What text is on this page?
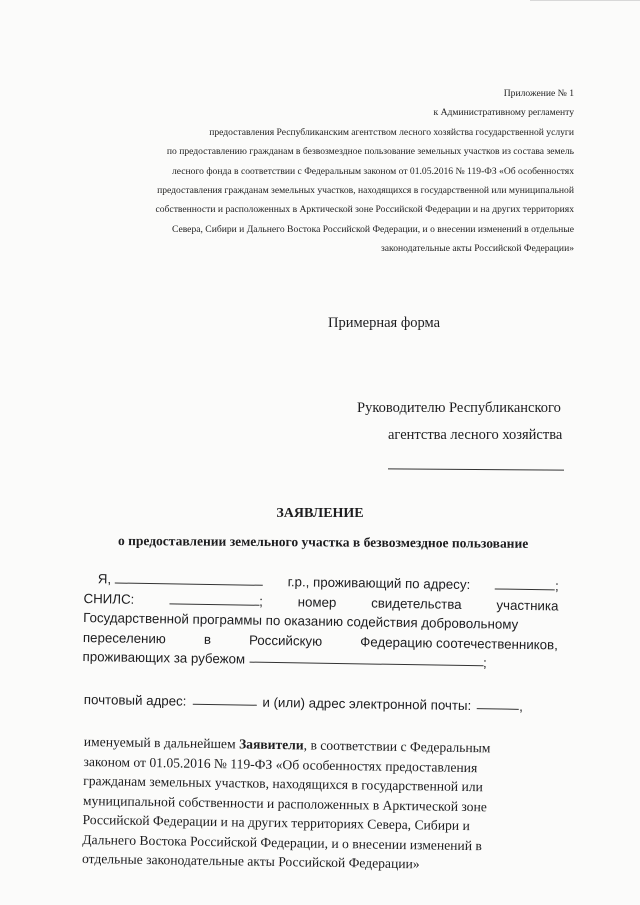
Приложение № 1
к Административному регламенту
предоставления Республиканским агентством лесного хозяйства государственной услуги
по предоставлению гражданам в безвозмездное пользование земельных участков из состава земель
лесного фонда в соответствии с Федеральным законом от 01.05.2016 № 119-ФЗ «Об особенностях
предоставления гражданам земельных участков, находящихся в государственной или муниципальной
собственности и расположенных в Арктической зоне Российской Федерации и на других территориях
Севера, Сибири и Дальнего Востока Российской Федерации, и о внесении изменений в отдельные
законодательные акты Российской Федерации»
Примерная форма
Руководителю Республиканского
агентства лесного хозяйства
ЗАЯВЛЕНИЕ
о предоставлении земельного участка в безвозмездное пользование
Я,	г.р., проживающий по адресу:	;
СНИЛС:	;	номер	свидетельства	участника
Государственной программы по оказанию содействия добровольному
переселению	в	Российскую	Федерацию соотечественников,
проживающих за рубежом	;
почтовый адрес:	и (или) адрес электронной почты:	,
именуемый в дальнейшем Заявители, в соответствии с Федеральным
законом от 01.05.2016 № 119-ФЗ «Об особенностях предоставления
гражданам земельных участков, находящихся в государственной или
муниципальной собственности и расположенных в Арктической зоне
Российской Федерации и на других территориях Севера, Сибири и
Дальнего Востока Российской Федерации, и о внесении изменений в
отдельные законодательные акты Российской Федерации»
